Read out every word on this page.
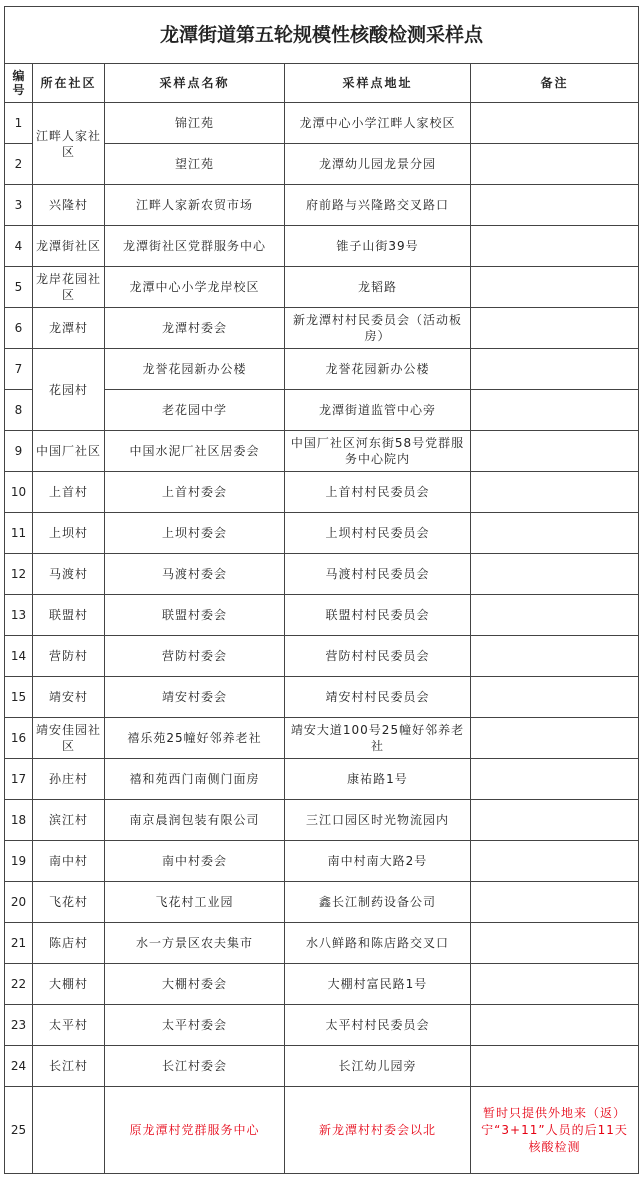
龙潭街道第五轮规模性核酸检测采样点				
编号	所在社区	采样点名称	采样点地址	备注
1	江畔人家社区	锦江苑	龙潭中心小学江畔人家校区	
2		望江苑	龙潭幼儿园龙景分园	
3	兴隆村	江畔人家新农贸市场	府前路与兴隆路交叉路口	
4	龙潭街社区	龙潭街社区党群服务中心	锥子山街39号	
5	龙岸花园社区	龙潭中心小学龙岸校区	龙韬路	
6	龙潭村	龙潭村委会	新龙潭村村民委员会（活动板房）	
7	花园村	龙誉花园新办公楼	龙誉花园新办公楼	
8		老花园中学	龙潭街道监管中心旁	
9	中国厂社区	中国水泥厂社区居委会	中国厂社区河东街58号党群服务中心院内	
10	上首村	上首村委会	上首村村民委员会	
11	上坝村	上坝村委会	上坝村村民委员会	
12	马渡村	马渡村委会	马渡村村民委员会	
13	联盟村	联盟村委会	联盟村村民委员会	
14	营防村	营防村委会	营防村村民委员会	
15	靖安村	靖安村委会	靖安村村民委员会	
16	靖安佳园社区	禧乐苑25幢好邻养老社	靖安大道100号25幢好邻养老社	
17	孙庄村	禧和苑西门南侧门面房	康祐路1号	
18	滨江村	南京晨润包装有限公司	三江口园区时光物流园内	
19	南中村	南中村委会	南中村南大路2号	
20	飞花村	飞花村工业园	鑫长江制药设备公司	
21	陈店村	水一方景区农夫集市	水八鲜路和陈店路交叉口	
22	大棚村	大棚村委会	大棚村富民路1号	
23	太平村	太平村委会	太平村村民委员会	
24	长江村	长江村委会	长江幼儿园旁	
25		原龙潭村党群服务中心	新龙潭村村委会以北	暂时只提供外地来（返）宁“3+11”人员的后11天核酸检测
